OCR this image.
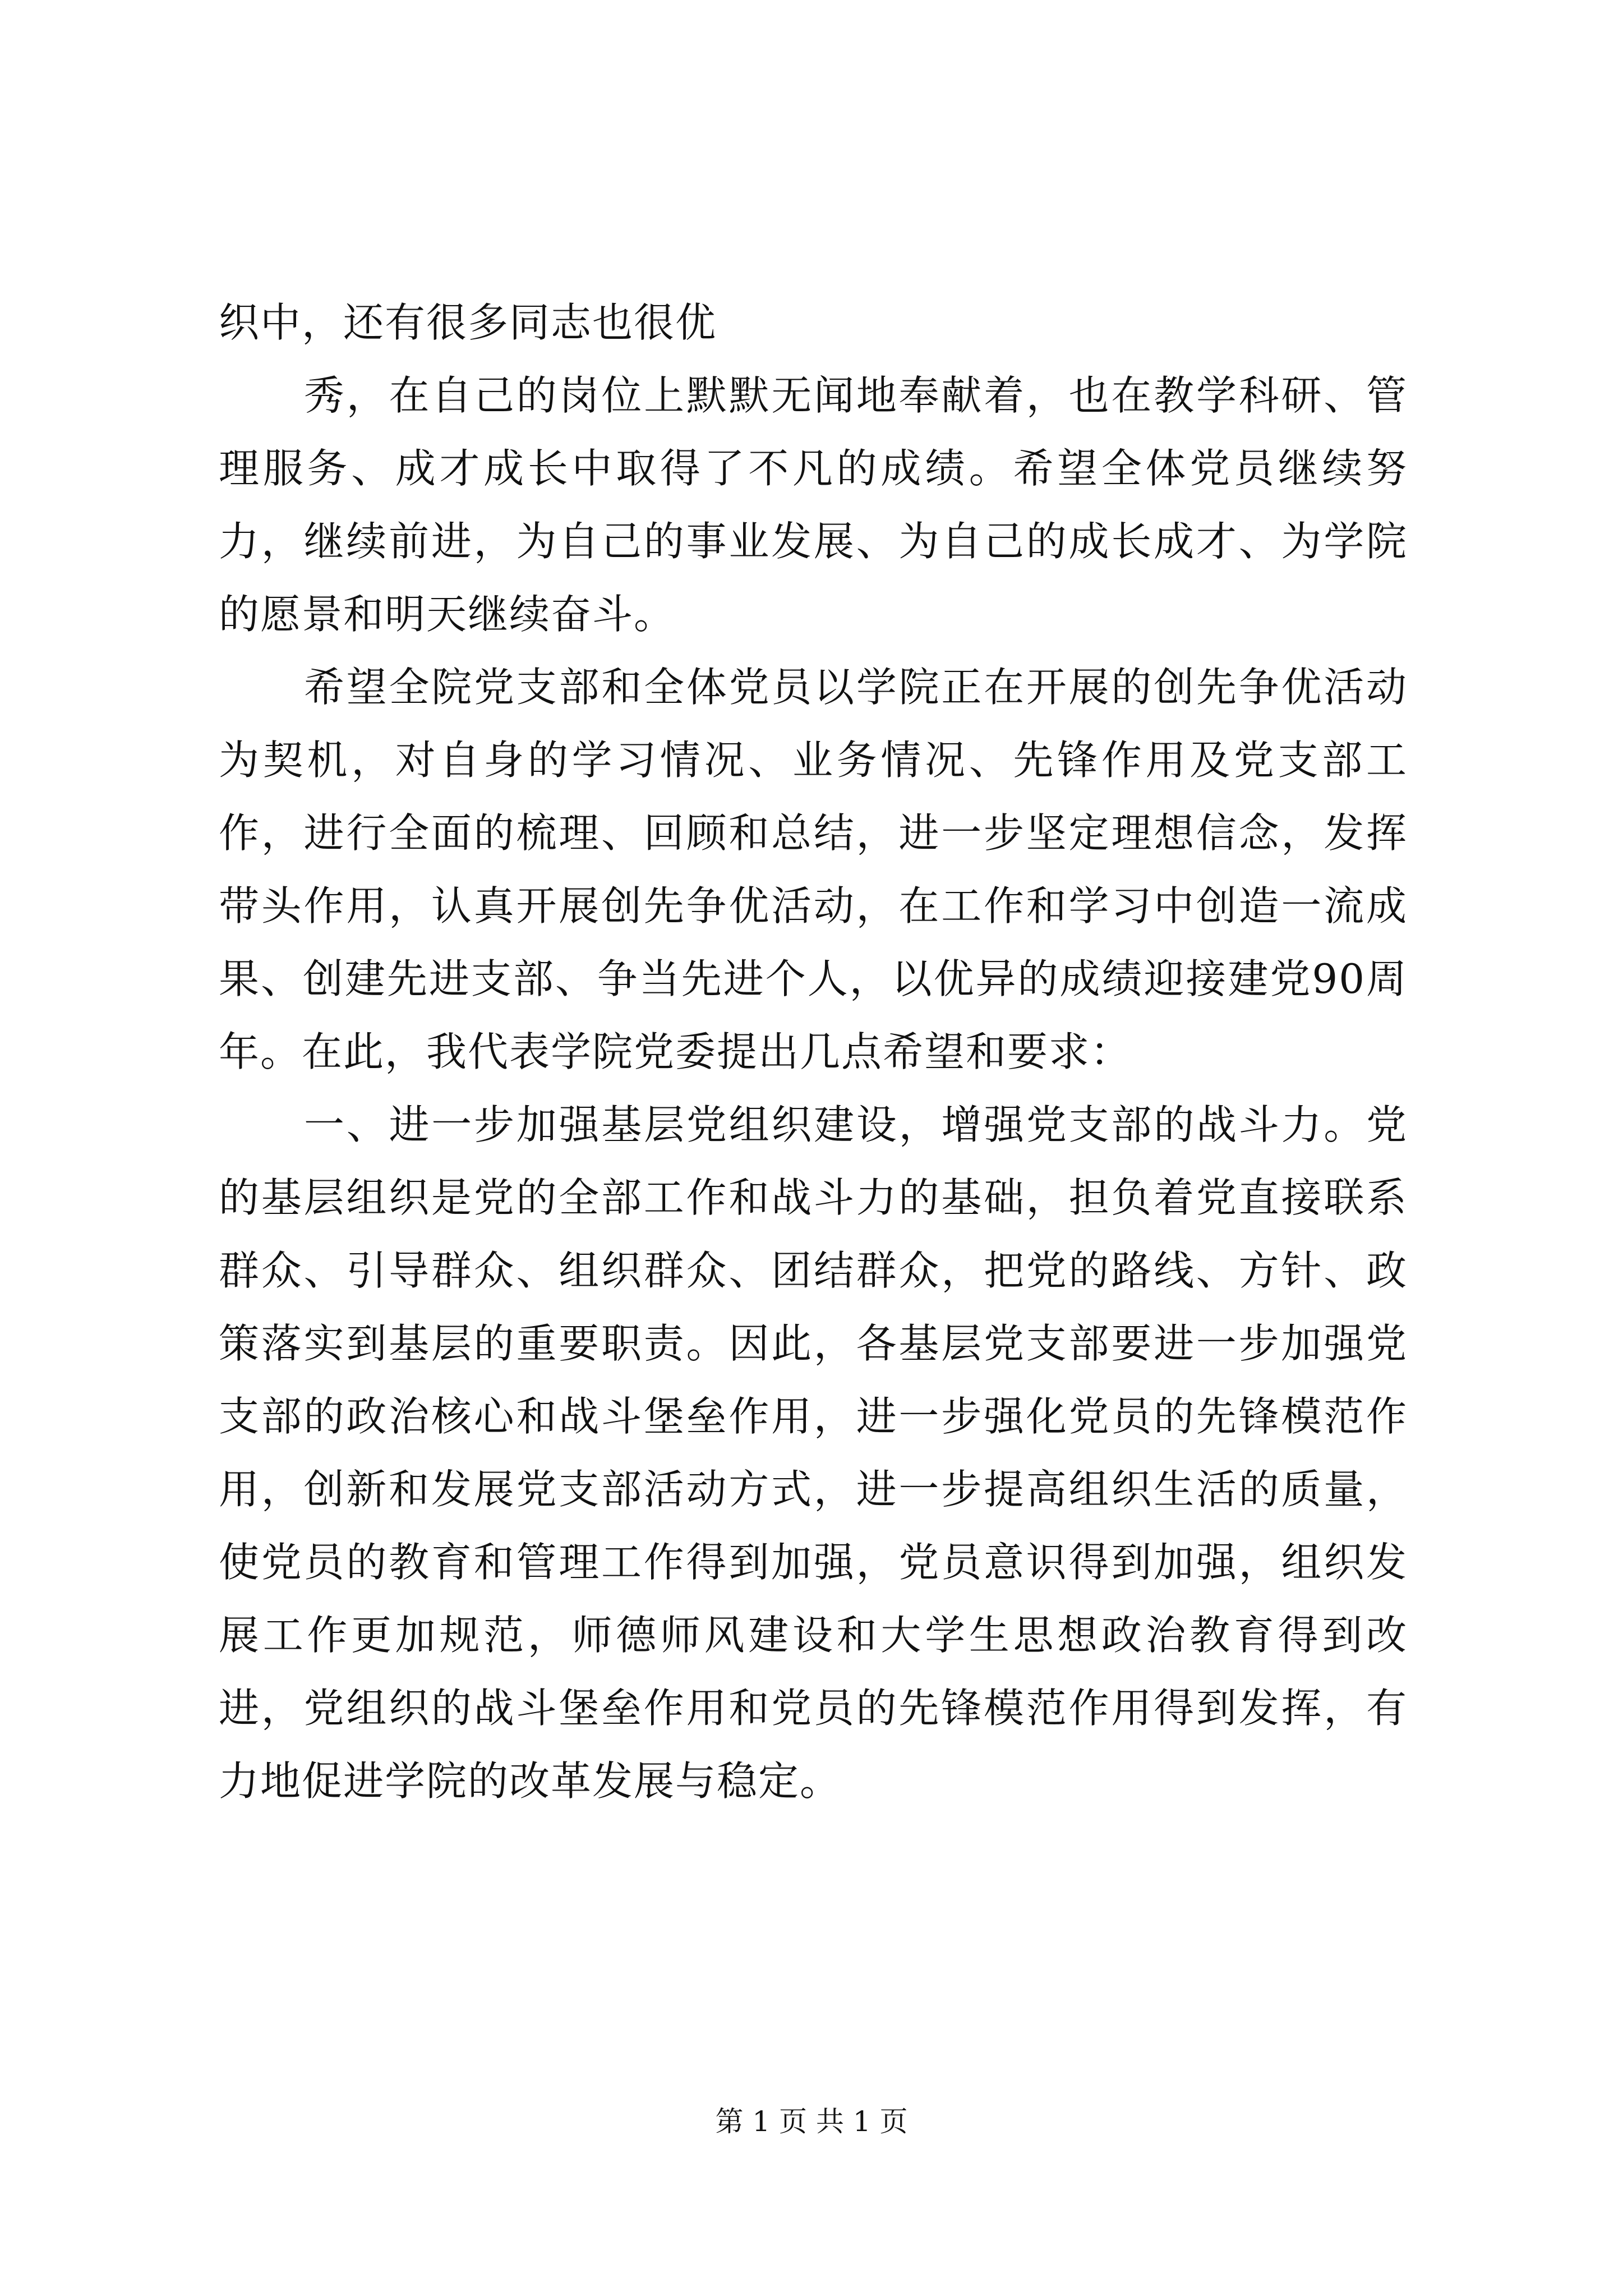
织中，还有很多同志也很优

秀，在自己的岗位上默默无闻地奉献着，也在教学科研、管理服务、成才成长中取得了不凡的成绩。希望全体党员继续努力，继续前进，为自己的事业发展、为自己的成长成才、为学院的愿景和明天继续奋斗。

希望全院党支部和全体党员以学院正在开展的创先争优活动为契机，对自身的学习情况、业务情况、先锋作用及党支部工作，进行全面的梳理、回顾和总结，进一步坚定理想信念，发挥带头作用，认真开展创先争优活动，在工作和学习中创造一流成果、创建先进支部、争当先进个人，以优异的成绩迎接建党90周年。在此，我代表学院党委提出几点希望和要求：

一、进一步加强基层党组织建设，增强党支部的战斗力。党的基层组织是党的全部工作和战斗力的基础，担负着党直接联系群众、引导群众、组织群众、团结群众，把党的路线、方针、政策落实到基层的重要职责。因此，各基层党支部要进一步加强党支部的政治核心和战斗堡垒作用，进一步强化党员的先锋模范作用，创新和发展党支部活动方式，进一步提高组织生活的质量，使党员的教育和管理工作得到加强，党员意识得到加强，组织发展工作更加规范，师德师风建设和大学生思想政治教育得到改进，党组织的战斗堡垒作用和党员的先锋模范作用得到发挥，有力地促进学院的改革发展与稳定。

第 1 页 共 1 页
